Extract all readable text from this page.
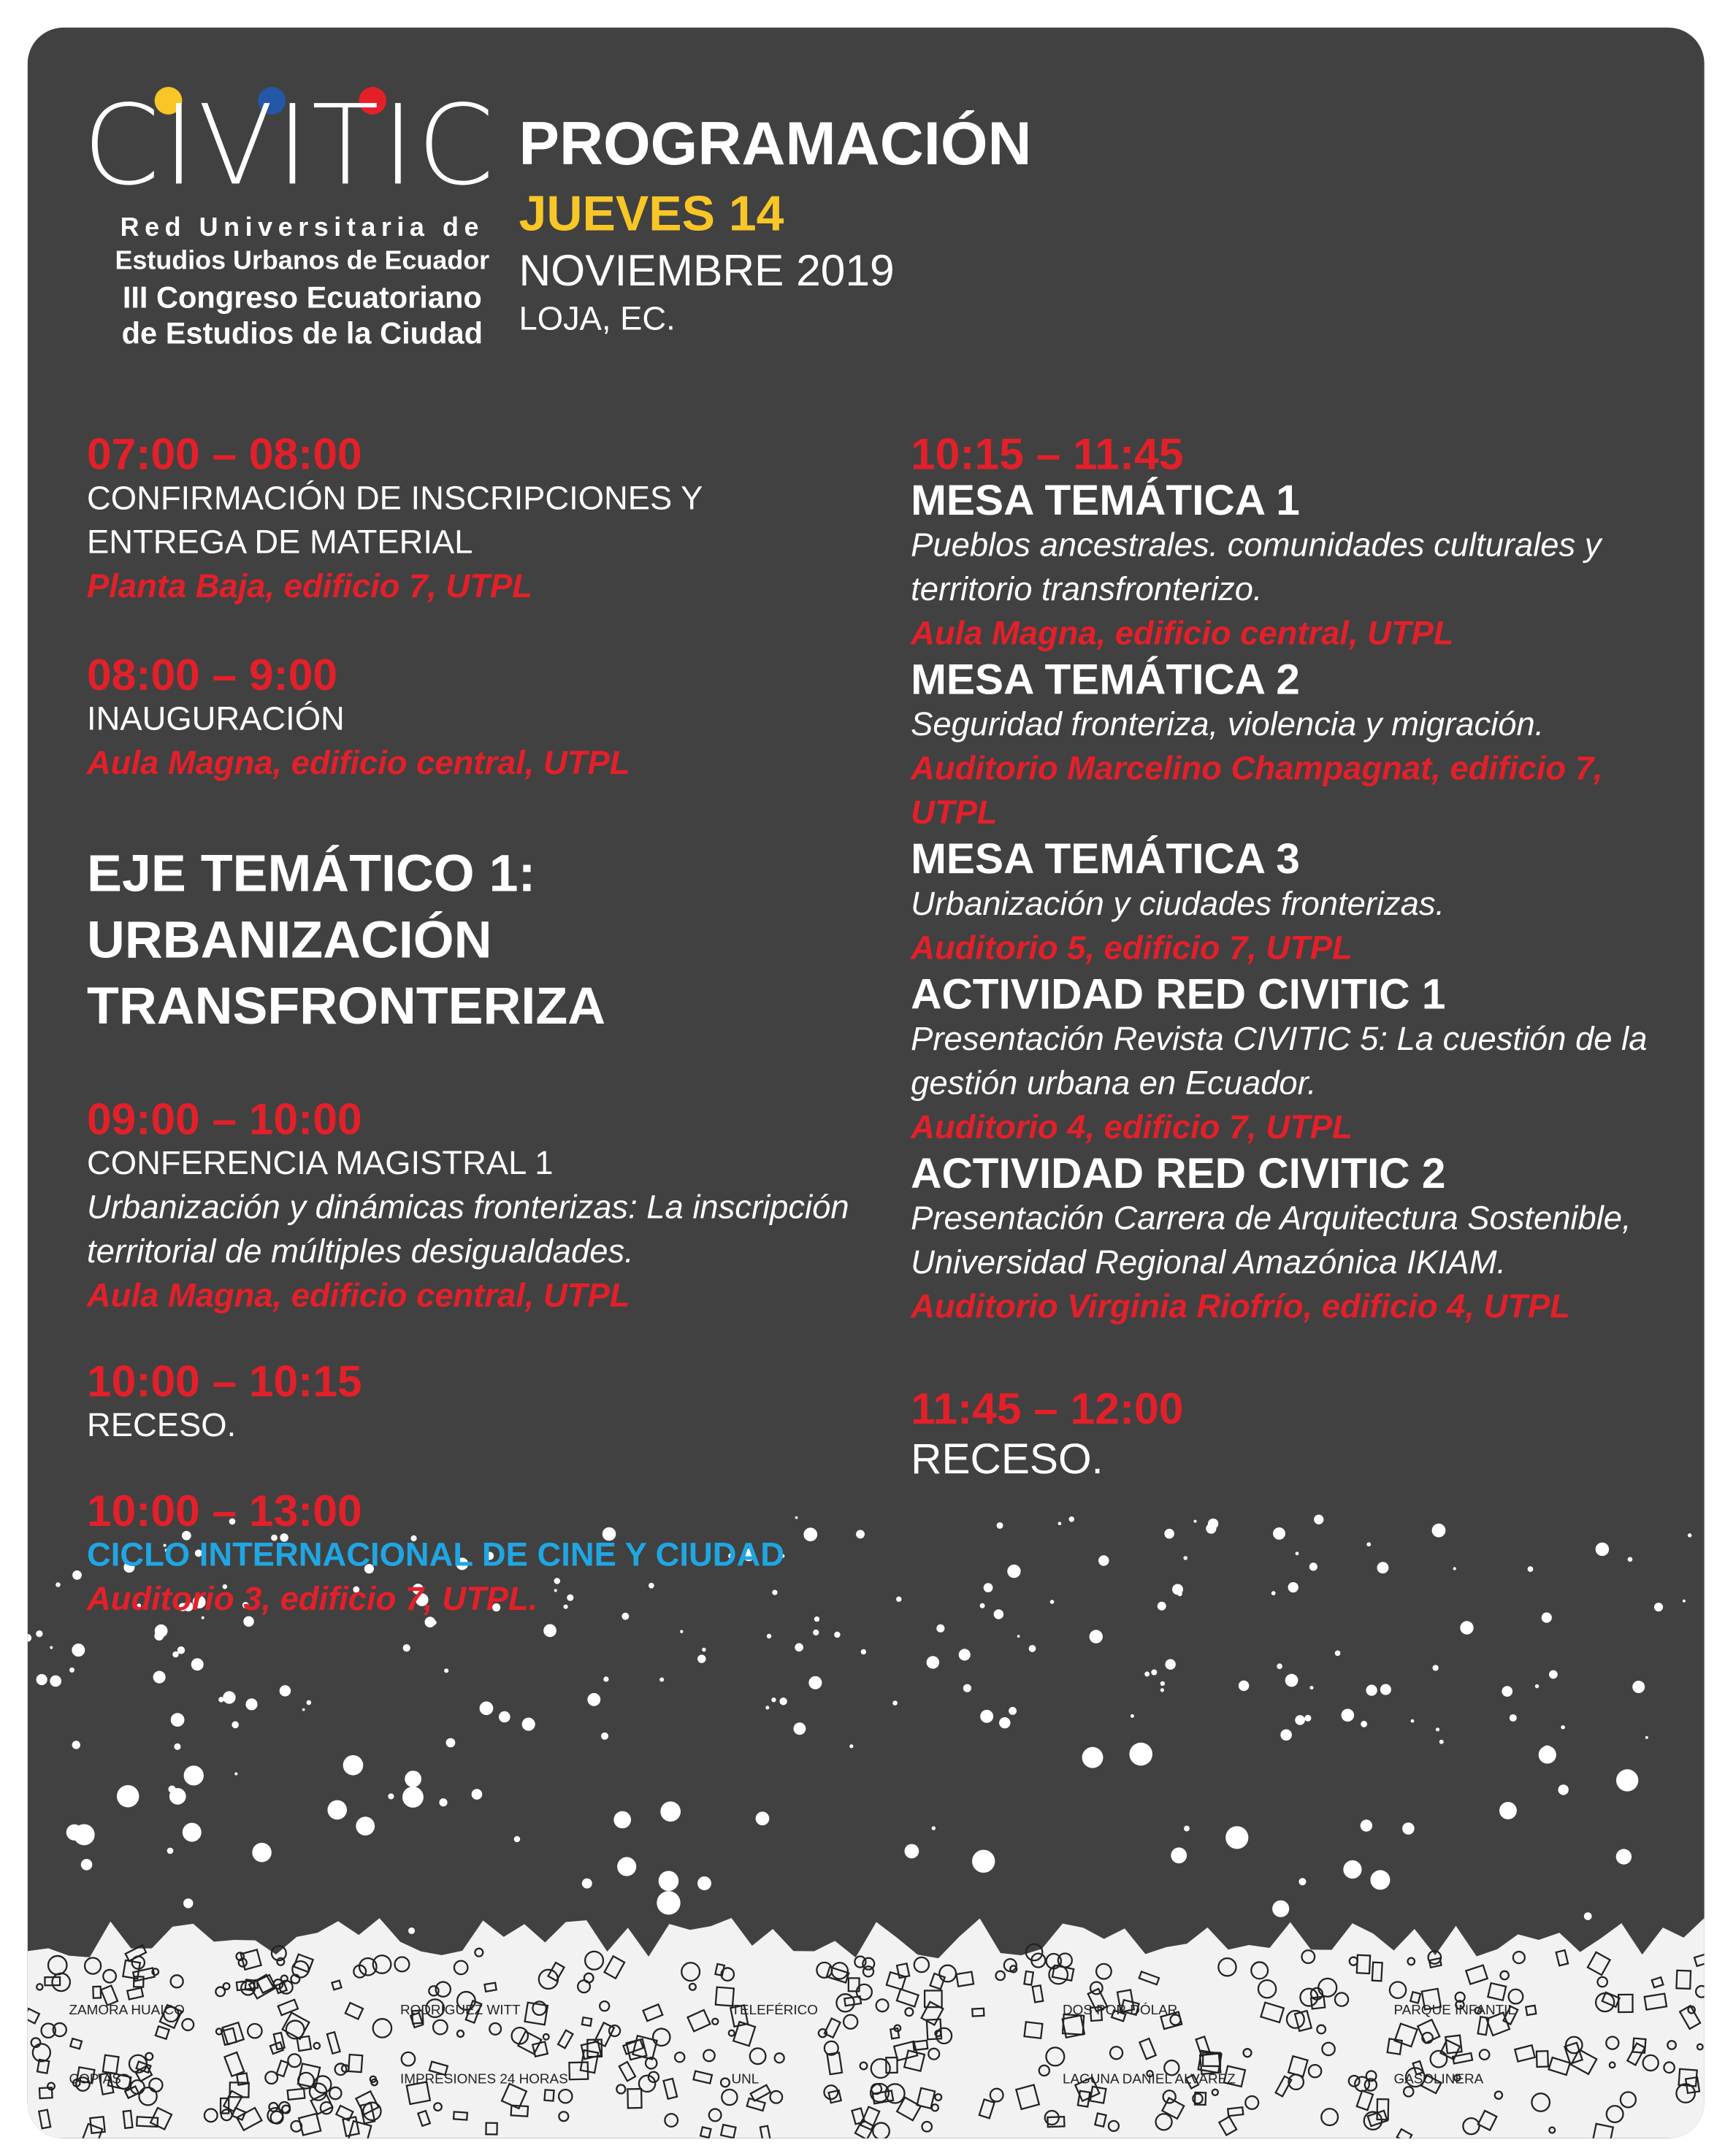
ZAMORA HUAICO	RODRIGUEZ WITT	TELEFÉRICO	DOS POR DÓLAR	PARQUE INFANTIL
COPIAS	IMPRESIONES 24 HORAS	UNL	LAGUNA DANIEL ALVAREZ	GASOLINERA
CIVITIC
Red Universitaria de
Estudios Urbanos de Ecuador
III Congreso Ecuatoriano
de Estudios de la Ciudad
PROGRAMACIÓN
JUEVES 14
NOVIEMBRE 2019
LOJA, EC.
07:00 – 08:00
CONFIRMACIÓN DE INSCRIPCIONES Y ENTREGA DE MATERIAL
Planta Baja, edificio 7, UTPL
08:00 – 9:00
INAUGURACIÓN
Aula Magna, edificio central, UTPL
EJE TEMÁTICO 1:
URBANIZACIÓN
TRANSFRONTERIZA
09:00 – 10:00
CONFERENCIA MAGISTRAL 1
Urbanización y dinámicas fronterizas: La inscripción territorial de múltiples desigualdades.
Aula Magna, edificio central, UTPL
10:00 – 10:15
RECESO.
10:00 – 13:00
CICLO INTERNACIONAL DE CINE Y CIUDAD
Auditorio 3, edificio 7, UTPL.
10:15 – 11:45
MESA TEMÁTICA 1
Pueblos ancestrales. comunidades culturales y territorio transfronterizo.
Aula Magna, edificio central, UTPL
MESA TEMÁTICA 2
Seguridad fronteriza, violencia y migración.
Auditorio Marcelino Champagnat, edificio 7, UTPL
MESA TEMÁTICA 3
Urbanización y ciudades fronterizas.
Auditorio 5, edificio 7, UTPL
ACTIVIDAD RED CIVITIC 1
Presentación Revista CIVITIC 5: La cuestión de la gestión urbana en Ecuador.
Auditorio 4, edificio 7, UTPL
ACTIVIDAD RED CIVITIC 2
Presentación Carrera de Arquitectura Sostenible, Universidad Regional Amazónica IKIAM.
Auditorio Virginia Riofrío, edificio 4, UTPL
11:45 – 12:00
RECESO.
